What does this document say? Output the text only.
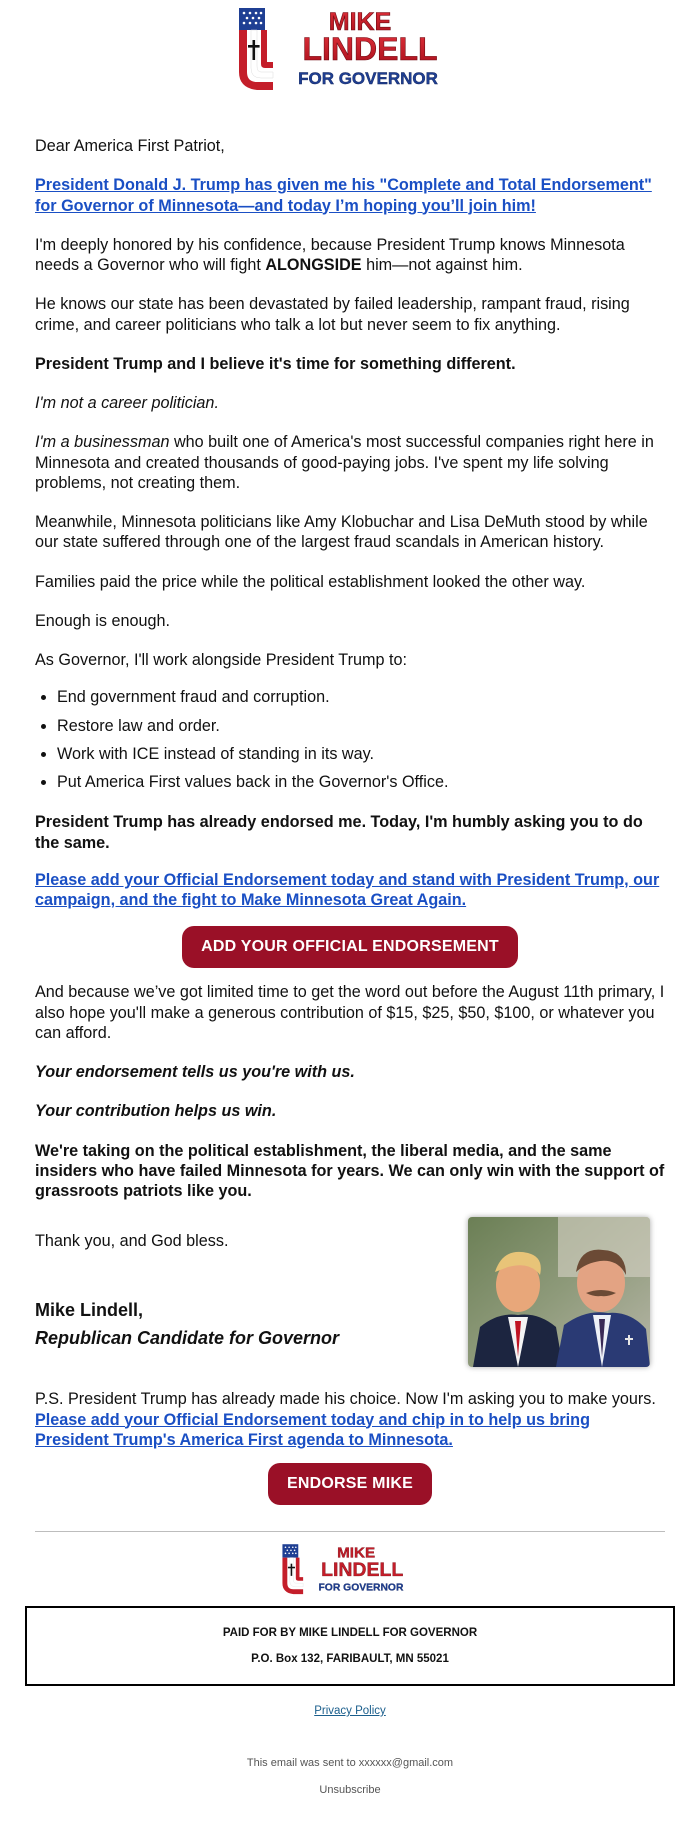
MIKE
LINDELL
FOR GOVERNOR

Dear America First Patriot,

President Donald J. Trump has given me his "Complete and Total Endorsement" for Governor of Minnesota—and today I’m hoping you’ll join him!

I'm deeply honored by his confidence, because President Trump knows Minnesota needs a Governor who will fight ALONGSIDE him—not against him.

He knows our state has been devastated by failed leadership, rampant fraud, rising crime, and career politicians who talk a lot but never seem to fix anything.

President Trump and I believe it's time for something different.

I'm not a career politician.

I'm a businessman who built one of America's most successful companies right here in Minnesota and created thousands of good-paying jobs. I've spent my life solving problems, not creating them.

Meanwhile, Minnesota politicians like Amy Klobuchar and Lisa DeMuth stood by while our state suffered through one of the largest fraud scandals in American history.

Families paid the price while the political establishment looked the other way.

Enough is enough.

As Governor, I'll work alongside President Trump to:

• End government fraud and corruption.
• Restore law and order.
• Work with ICE instead of standing in its way.
• Put America First values back in the Governor's Office.

President Trump has already endorsed me. Today, I'm humbly asking you to do the same.

Please add your Official Endorsement today and stand with President Trump, our campaign, and the fight to Make Minnesota Great Again.

ADD YOUR OFFICIAL ENDORSEMENT

And because we’ve got limited time to get the word out before the August 11th primary, I also hope you'll make a generous contribution of $15, $25, $50, $100, or whatever you can afford.

Your endorsement tells us you're with us.

Your contribution helps us win.

We're taking on the political establishment, the liberal media, and the same insiders who have failed Minnesota for years. We can only win with the support of grassroots patriots like you.

Thank you, and God bless.

Mike Lindell,

Republican Candidate for Governor

P.S. President Trump has already made his choice. Now I'm asking you to make yours. Please add your Official Endorsement today and chip in to help us bring President Trump's America First agenda to Minnesota.

ENDORSE MIKE
MIKE
LINDELL
FOR GOVERNOR
PAID FOR BY MIKE LINDELL FOR GOVERNOR
P.O. Box 132, FARIBAULT, MN 55021
Privacy Policy
This email was sent to xxxxxx@gmail.com
Unsubscribe
